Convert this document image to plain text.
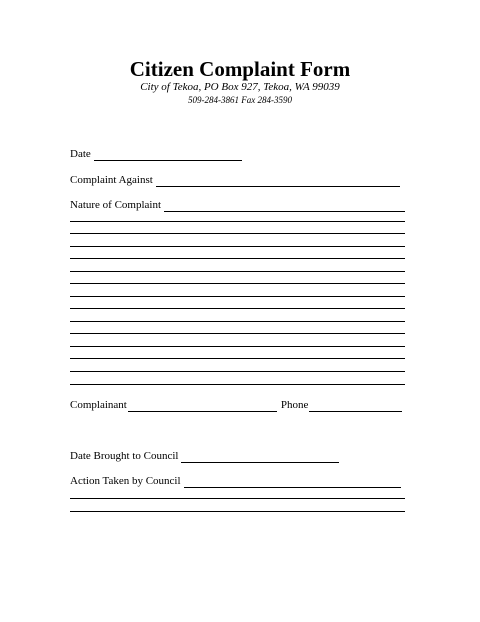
Citizen Complaint Form
City of Tekoa, PO Box 927, Tekoa, WA 99039
509-284-3861 Fax 284-3590
Date
Complaint Against
Nature of Complaint
Complainant	Phone
Date Brought to Council
Action Taken by Council
